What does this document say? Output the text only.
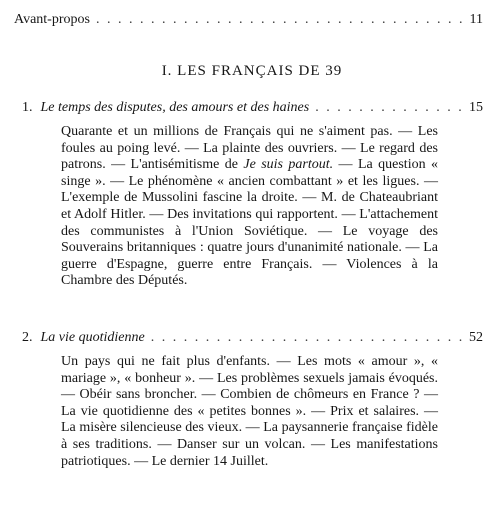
Avant-propos . . .	11
I. LES FRANÇAIS DE 39
1. Le temps des disputes, des amours et des haines . . .	15
Quarante et un millions de Français qui ne s'aiment pas. — Les foules au poing levé. — La plainte des ouvriers. — Le regard des patrons. — L'antisémitisme de Je suis partout. — La question « singe ». — Le phénomène « ancien combattant » et les ligues. — L'exemple de Mussolini fascine la droite. — M. de Chateaubriant et Adolf Hitler. — Des invitations qui rapportent. — L'attachement des communistes à l'Union Soviétique. — Le voyage des Souverains britanniques : quatre jours d'unanimité nationale. — La guerre d'Espagne, guerre entre Français. — Violences à la Chambre des Députés.
2. La vie quotidienne . . .	52
Un pays qui ne fait plus d'enfants. — Les mots « amour », « mariage », « bonheur ». — Les problèmes sexuels jamais évoqués. — Obéir sans broncher. — Combien de chômeurs en France ? — La vie quotidienne des « petites bonnes ». — Prix et salaires. — La misère silencieuse des vieux. — La paysannerie française fidèle à ses traditions. — Danser sur un volcan. — Les manifestations patriotiques. — Le dernier 14 Juillet.
